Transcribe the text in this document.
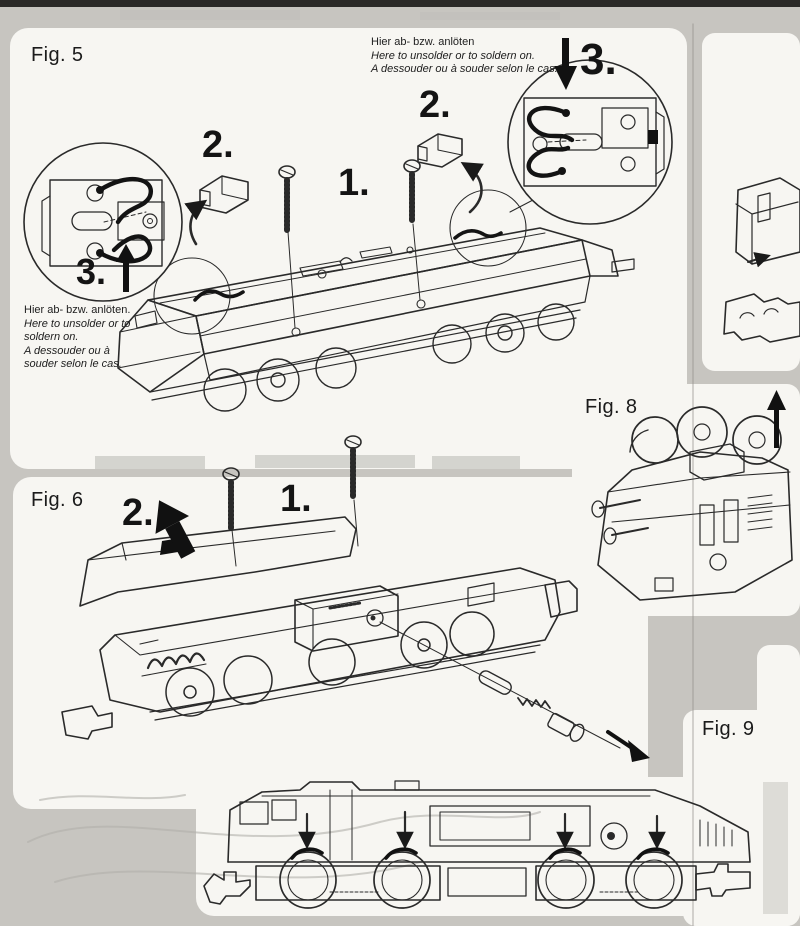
Fig. 5
Fig. 6
Fig. 8
Fig. 9
2.
1.
2.
3.
3.
2.	1.
Hier ab- bzw. anlöten
Here to unsolder or to soldern on.
A dessouder ou à souder selon le cas.
Hier ab- bzw. anlöten.
Here to unsolder or to
soldern on.
A dessouder ou à
souder selon le cas.
